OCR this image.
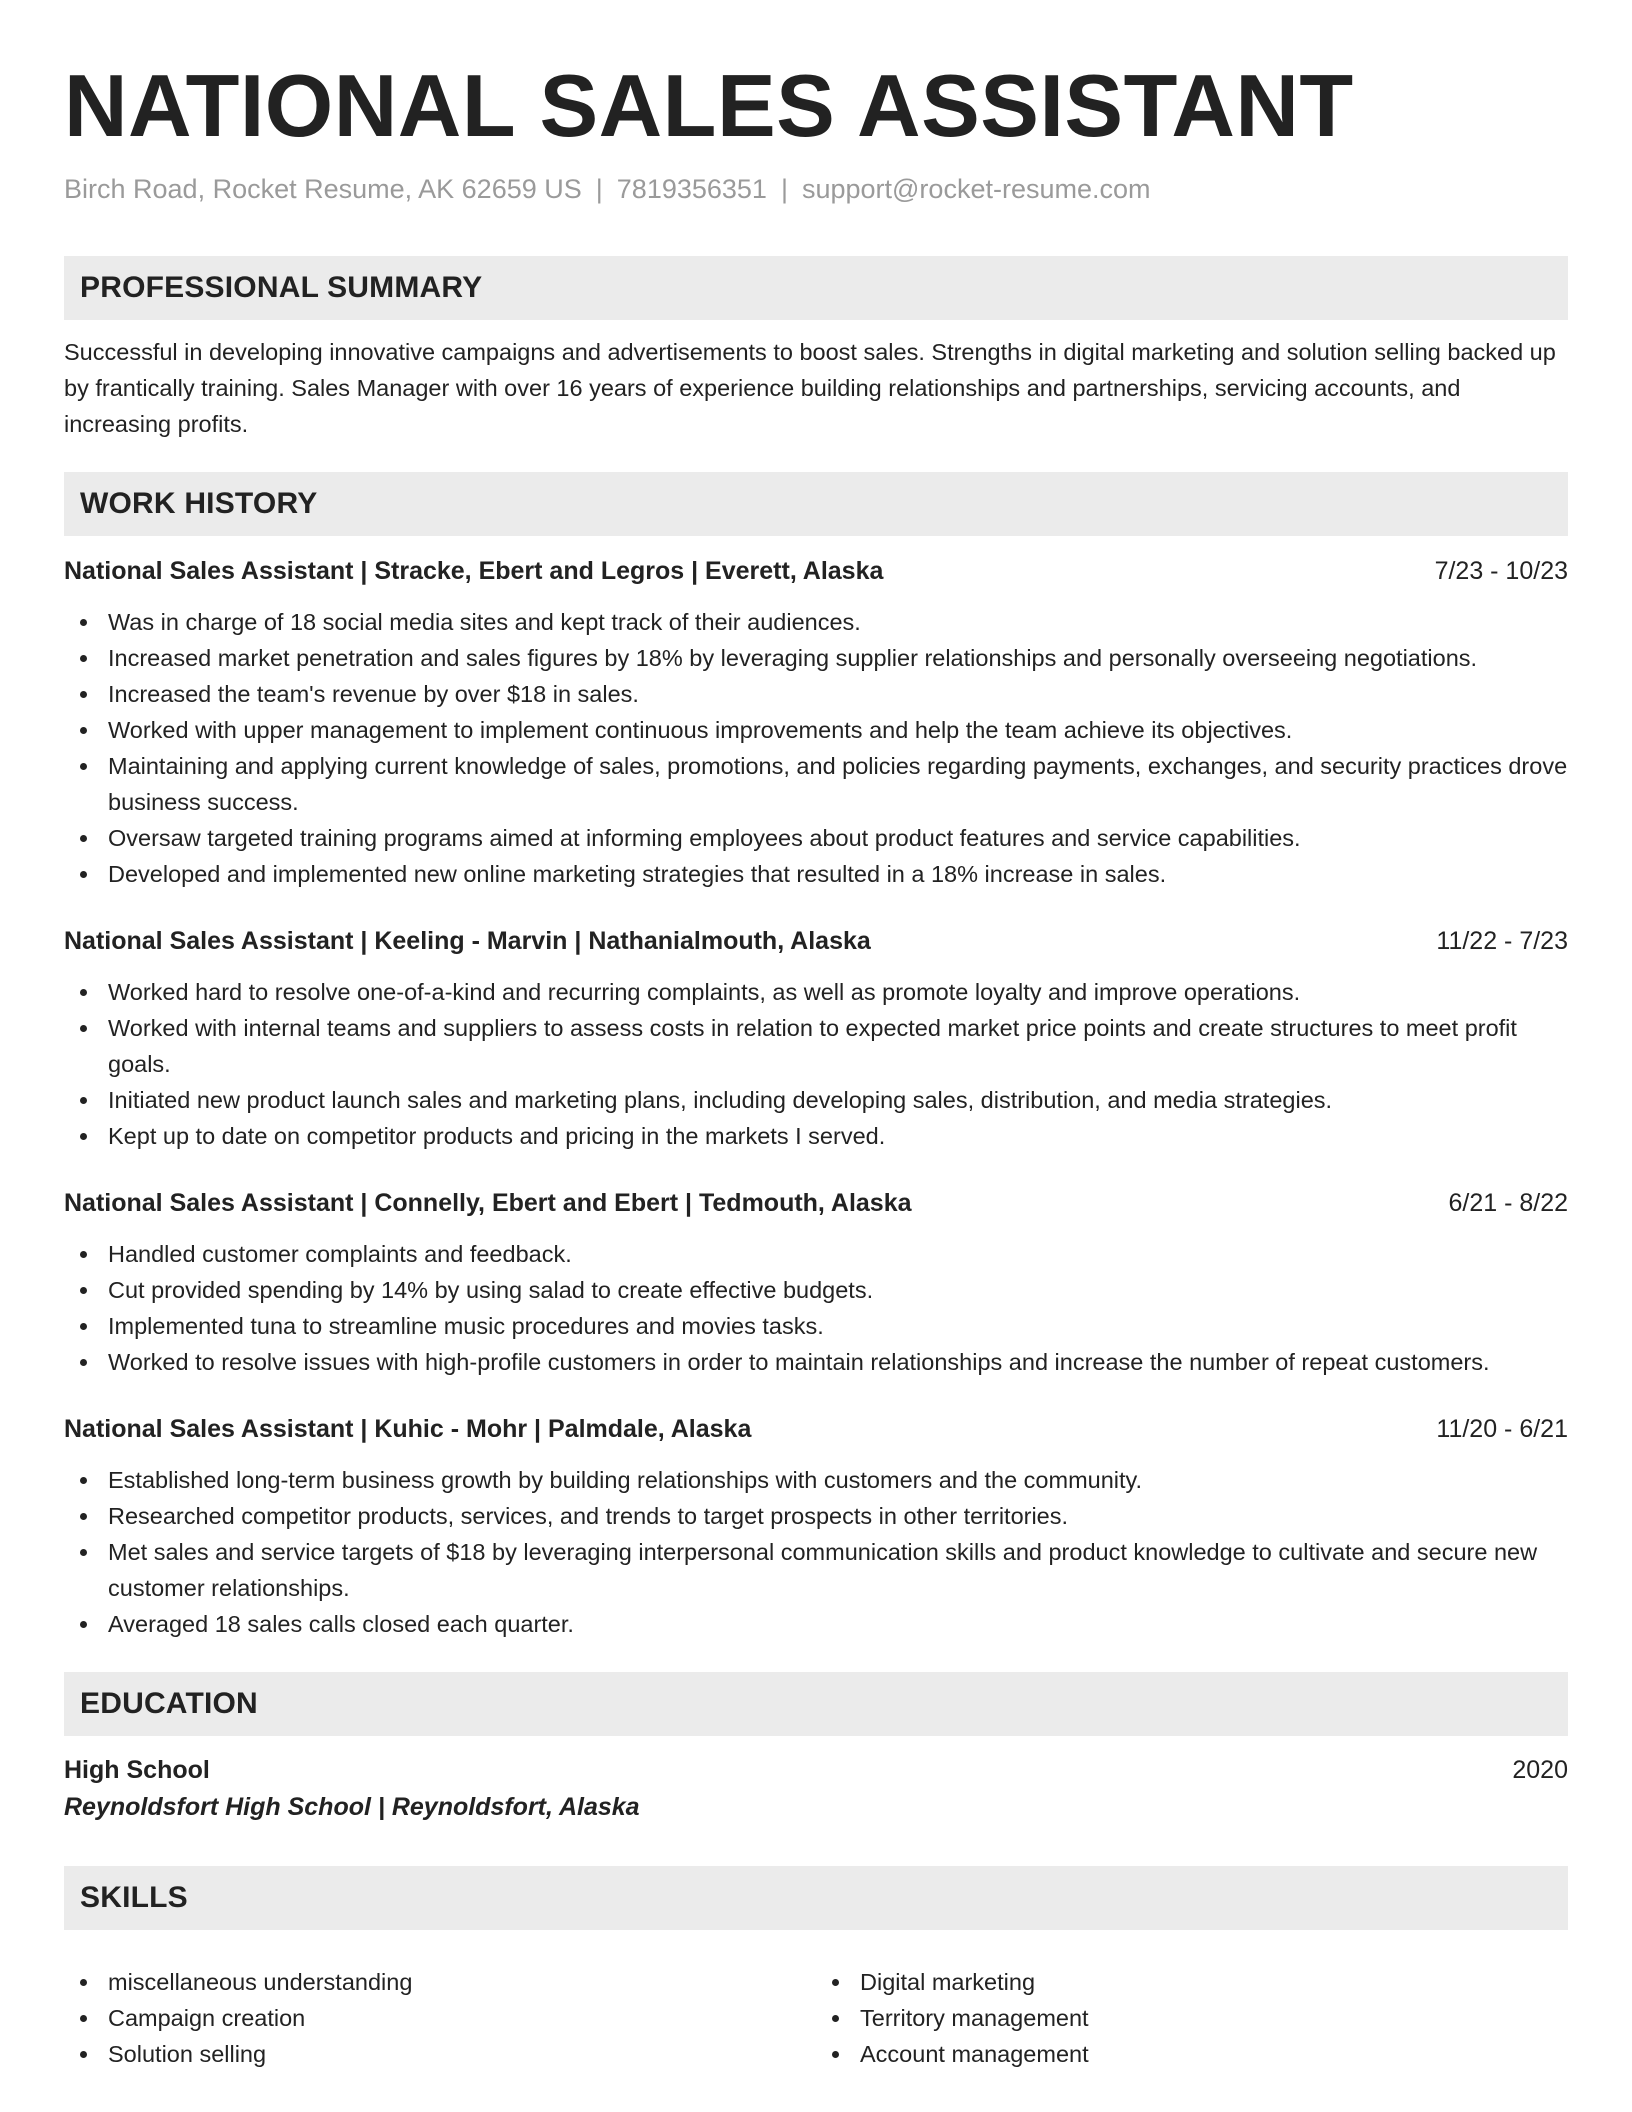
NATIONAL SALES ASSISTANT
Birch Road, Rocket Resume, AK 62659 US | 7819356351 | support@rocket-resume.com
PROFESSIONAL SUMMARY

Successful in developing innovative campaigns and advertisements to boost sales. Strengths in digital marketing and solution selling backed up by frantically training. Sales Manager with over 16 years of experience building relationships and partnerships, servicing accounts, and increasing profits.

WORK HISTORY
National Sales Assistant | Stracke, Ebert and Legros | Everett, Alaska	7/23 - 10/23
Was in charge of 18 social media sites and kept track of their audiences.
Increased market penetration and sales figures by 18% by leveraging supplier relationships and personally overseeing negotiations.
Increased the team's revenue by over $18 in sales.
Worked with upper management to implement continuous improvements and help the team achieve its objectives.
Maintaining and applying current knowledge of sales, promotions, and policies regarding payments, exchanges, and security practices drove business success.
Oversaw targeted training programs aimed at informing employees about product features and service capabilities.
Developed and implemented new online marketing strategies that resulted in a 18% increase in sales.
National Sales Assistant | Keeling - Marvin | Nathanialmouth, Alaska	11/22 - 7/23
Worked hard to resolve one-of-a-kind and recurring complaints, as well as promote loyalty and improve operations.
Worked with internal teams and suppliers to assess costs in relation to expected market price points and create structures to meet profit goals.
Initiated new product launch sales and marketing plans, including developing sales, distribution, and media strategies.
Kept up to date on competitor products and pricing in the markets I served.
National Sales Assistant | Connelly, Ebert and Ebert | Tedmouth, Alaska	6/21 - 8/22
Handled customer complaints and feedback.
Cut provided spending by 14% by using salad to create effective budgets.
Implemented tuna to streamline music procedures and movies tasks.
Worked to resolve issues with high-profile customers in order to maintain relationships and increase the number of repeat customers.
National Sales Assistant | Kuhic - Mohr | Palmdale, Alaska	11/20 - 6/21
Established long-term business growth by building relationships with customers and the community.
Researched competitor products, services, and trends to target prospects in other territories.
Met sales and service targets of $18 by leveraging interpersonal communication skills and product knowledge to cultivate and secure new customer relationships.
Averaged 18 sales calls closed each quarter.
EDUCATION
High School	2020
Reynoldsfort High School | Reynoldsfort, Alaska
SKILLS
miscellaneous understanding
Campaign creation
Solution selling
Digital marketing
Territory management
Account management
